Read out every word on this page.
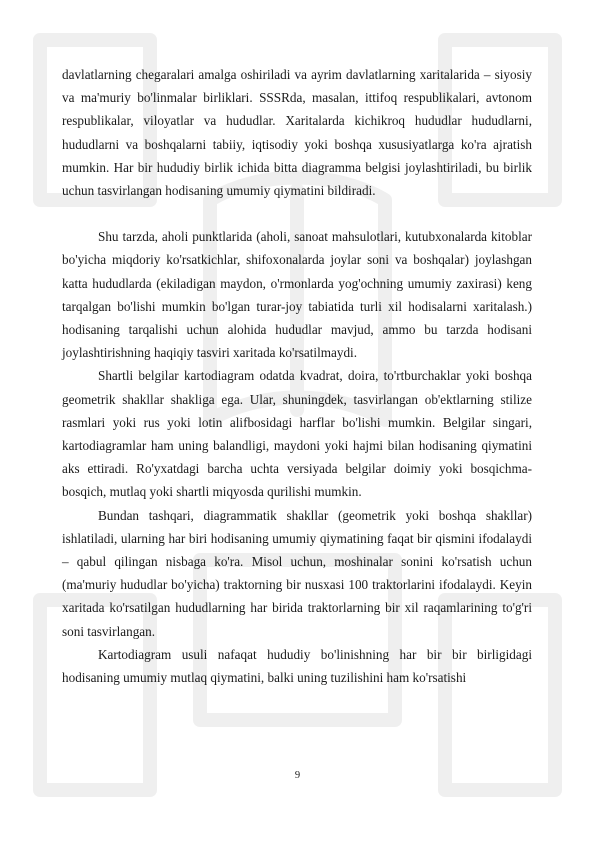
davlatlarning chegaralari amalga oshiriladi va ayrim davlatlarning xaritalarida – siyosiy va ma'muriy bo'linmalar birliklari. SSSRda, masalan, ittifoq respublikalari, avtonom respublikalar, viloyatlar va hududlar. Xaritalarda kichikroq hududlar hududlarni, hududlarni va boshqalarni tabiiy, iqtisodiy yoki boshqa xususiyatlarga ko'ra ajratish mumkin. Har bir hududiy birlik ichida bitta diagramma belgisi joylashtiriladi, bu birlik uchun tasvirlangan hodisaning umumiy qiymatini bildiradi.

Shu tarzda, aholi punktlarida (aholi, sanoat mahsulotlari, kutubxonalarda kitoblar bo'yicha miqdoriy ko'rsatkichlar, shifoxonalarda joylar soni va boshqalar) joylashgan katta hududlarda (ekiladigan maydon, o'rmonlarda yog'ochning umumiy zaxirasi) keng tarqalgan bo'lishi mumkin bo'lgan turar-joy tabiatida turli xil hodisalarni xaritalash.) hodisaning tarqalishi uchun alohida hududlar mavjud, ammo bu tarzda hodisani joylashtirishning haqiqiy tasviri xaritada ko'rsatilmaydi.

Shartli belgilar kartodiagram odatda kvadrat, doira, to'rtburchaklar yoki boshqa geometrik shakllar shakliga ega. Ular, shuningdek, tasvirlangan ob'ektlarning stilize rasmlari yoki rus yoki lotin alifbosidagi harflar bo'lishi mumkin. Belgilar singari, kartodiagramlar ham uning balandligi, maydoni yoki hajmi bilan hodisaning qiymatini aks ettiradi. Ro'yxatdagi barcha uchta versiyada belgilar doimiy yoki bosqichma-bosqich, mutlaq yoki shartli miqyosda qurilishi mumkin.

Bundan tashqari, diagrammatik shakllar (geometrik yoki boshqa shakllar) ishlatiladi, ularning har biri hodisaning umumiy qiymatining faqat bir qismini ifodalaydi – qabul qilingan nisbaga ko'ra. Misol uchun, moshinalar sonini ko'rsatish uchun (ma'muriy hududlar bo'yicha) traktorning bir nusxasi 100 traktorlarini ifodalaydi. Keyin xaritada ko'rsatilgan hududlarning har birida traktorlarning bir xil raqamlarining to'g'ri soni tasvirlangan.

Kartodiagram usuli nafaqat hududiy bo'linishning har bir bir birligidagi hodisaning umumiy mutlaq qiymatini, balki uning tuzilishini ham ko'rsatishi

9
